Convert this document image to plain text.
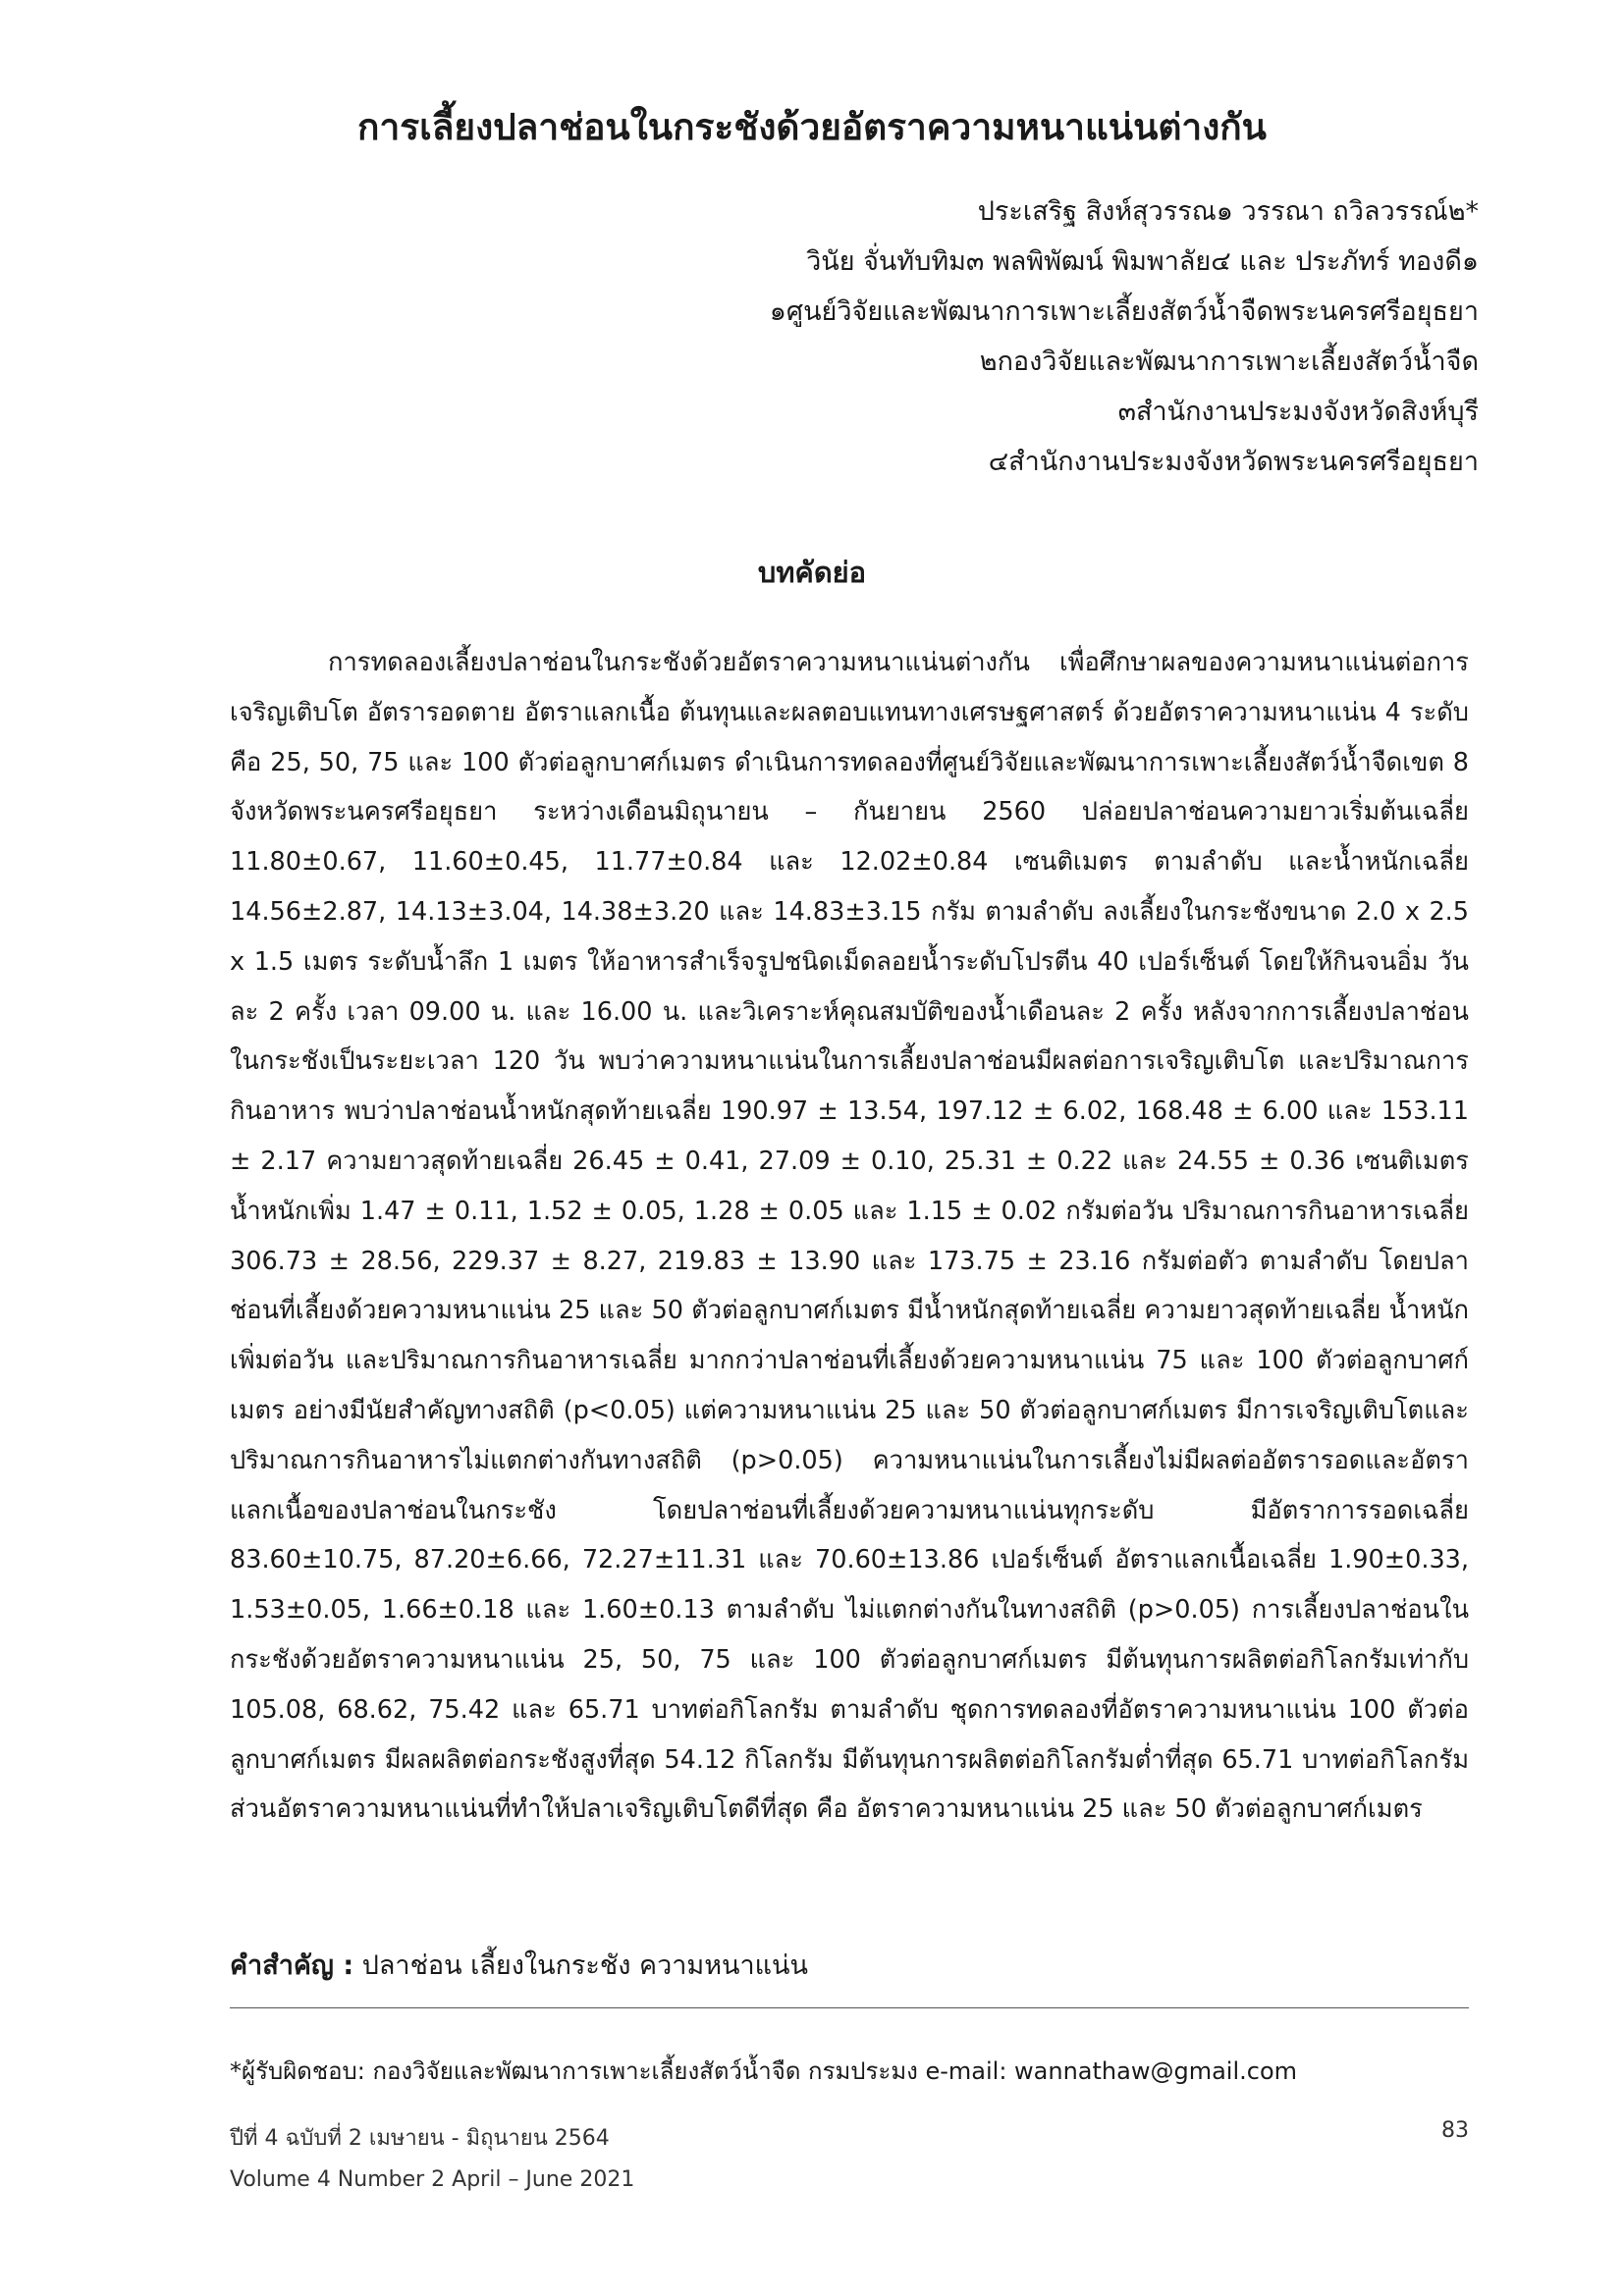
การเลี้ยงปลาช่อนในกระชังด้วยอัตราความหนาแน่นต่างกัน
ประเสริฐ สิงห์สุวรรณ๑ วรรณา ถวิลวรรณ์๒*
วินัย จั่นทับทิม๓ พลพิพัฒน์ พิมพาลัย๔ และ ประภัทร์ ทองดี๑
๑ศูนย์วิจัยและพัฒนาการเพาะเลี้ยงสัตว์น้ำจืดพระนครศรีอยุธยา
๒กองวิจัยและพัฒนาการเพาะเลี้ยงสัตว์น้ำจืด
๓สำนักงานประมงจังหวัดสิงห์บุรี
๔สำนักงานประมงจังหวัดพระนครศรีอยุธยา
บทคัดย่อ

การทดลองเลี้ยงปลาช่อนในกระชังด้วยอัตราความหนาแน่นต่างกัน เพื่อศึกษาผลของความหนาแน่นต่อการเจริญเติบโต อัตรารอดตาย อัตราแลกเนื้อ ต้นทุนและผลตอบแทนทางเศรษฐศาสตร์ ด้วยอัตราความหนาแน่น 4 ระดับ คือ 25, 50, 75 และ 100 ตัวต่อลูกบาศก์เมตร ดำเนินการทดลองที่ศูนย์วิจัยและพัฒนาการเพาะเลี้ยงสัตว์น้ำจืดเขต 8 จังหวัดพระนครศรีอยุธยา ระหว่างเดือนมิถุนายน – กันยายน 2560 ปล่อยปลาช่อนความยาวเริ่มต้นเฉลี่ย 11.80±0.67, 11.60±0.45, 11.77±0.84 และ 12.02±0.84 เซนติเมตร ตามลำดับ และน้ำหนักเฉลี่ย 14.56±2.87, 14.13±3.04, 14.38±3.20 และ 14.83±3.15 กรัม ตามลำดับ ลงเลี้ยงในกระชังขนาด 2.0 x 2.5 x 1.5 เมตร ระดับน้ำลึก 1 เมตร ให้อาหารสำเร็จรูปชนิดเม็ดลอยน้ำระดับโปรตีน 40 เปอร์เซ็นต์ โดยให้กินจนอิ่ม วันละ 2 ครั้ง เวลา 09.00 น. และ 16.00 น. และวิเคราะห์คุณสมบัติของน้ำเดือนละ 2 ครั้ง หลังจากการเลี้ยงปลาช่อนในกระชังเป็นระยะเวลา 120 วัน พบว่าความหนาแน่นในการเลี้ยงปลาช่อนมีผลต่อการเจริญเติบโต และปริมาณการกินอาหาร พบว่าปลาช่อนน้ำหนักสุดท้ายเฉลี่ย 190.97 ± 13.54, 197.12 ± 6.02, 168.48 ± 6.00 และ 153.11 ± 2.17 ความยาวสุดท้ายเฉลี่ย 26.45 ± 0.41, 27.09 ± 0.10, 25.31 ± 0.22 และ 24.55 ± 0.36 เซนติเมตร น้ำหนักเพิ่ม 1.47 ± 0.11, 1.52 ± 0.05, 1.28 ± 0.05 และ 1.15 ± 0.02 กรัมต่อวัน ปริมาณการกินอาหารเฉลี่ย 306.73 ± 28.56, 229.37 ± 8.27, 219.83 ± 13.90 และ 173.75 ± 23.16 กรัมต่อตัว ตามลำดับ โดยปลาช่อนที่เลี้ยงด้วยความหนาแน่น 25 และ 50 ตัวต่อลูกบาศก์เมตร มีน้ำหนักสุดท้ายเฉลี่ย ความยาวสุดท้ายเฉลี่ย น้ำหนักเพิ่มต่อวัน และปริมาณการกินอาหารเฉลี่ย มากกว่าปลาช่อนที่เลี้ยงด้วยความหนาแน่น 75 และ 100 ตัวต่อลูกบาศก์เมตร อย่างมีนัยสำคัญทางสถิติ (p<0.05) แต่ความหนาแน่น 25 และ 50 ตัวต่อลูกบาศก์เมตร มีการเจริญเติบโตและปริมาณการกินอาหารไม่แตกต่างกันทางสถิติ (p>0.05) ความหนาแน่นในการเลี้ยงไม่มีผลต่ออัตรารอดและอัตราแลกเนื้อของปลาช่อนในกระชัง โดยปลาช่อนที่เลี้ยงด้วยความหนาแน่นทุกระดับ มีอัตราการรอดเฉลี่ย 83.60±10.75, 87.20±6.66, 72.27±11.31 และ 70.60±13.86 เปอร์เซ็นต์ อัตราแลกเนื้อเฉลี่ย 1.90±0.33, 1.53±0.05, 1.66±0.18 และ 1.60±0.13 ตามลำดับ ไม่แตกต่างกันในทางสถิติ (p>0.05) การเลี้ยงปลาช่อนในกระชังด้วยอัตราความหนาแน่น 25, 50, 75 และ 100 ตัวต่อลูกบาศก์เมตร มีต้นทุนการผลิตต่อกิโลกรัมเท่ากับ 105.08, 68.62, 75.42 และ 65.71 บาทต่อกิโลกรัม ตามลำดับ ชุดการทดลองที่อัตราความหนาแน่น 100 ตัวต่อลูกบาศก์เมตร มีผลผลิตต่อกระชังสูงที่สุด 54.12 กิโลกรัม มีต้นทุนการผลิตต่อกิโลกรัมต่ำที่สุด 65.71 บาทต่อกิโลกรัม ส่วนอัตราความหนาแน่นที่ทำให้ปลาเจริญเติบโตดีที่สุด คือ อัตราความหนาแน่น 25 และ 50 ตัวต่อลูกบาศก์เมตร

คำสำคัญ : ปลาช่อน เลี้ยงในกระชัง ความหนาแน่น
*ผู้รับผิดชอบ: กองวิจัยและพัฒนาการเพาะเลี้ยงสัตว์น้ำจืด กรมประมง e-mail: wannathaw@gmail.com
ปีที่ 4 ฉบับที่ 2 เมษายน - มิถุนายน 2564
Volume 4 Number 2 April – June 2021
83
